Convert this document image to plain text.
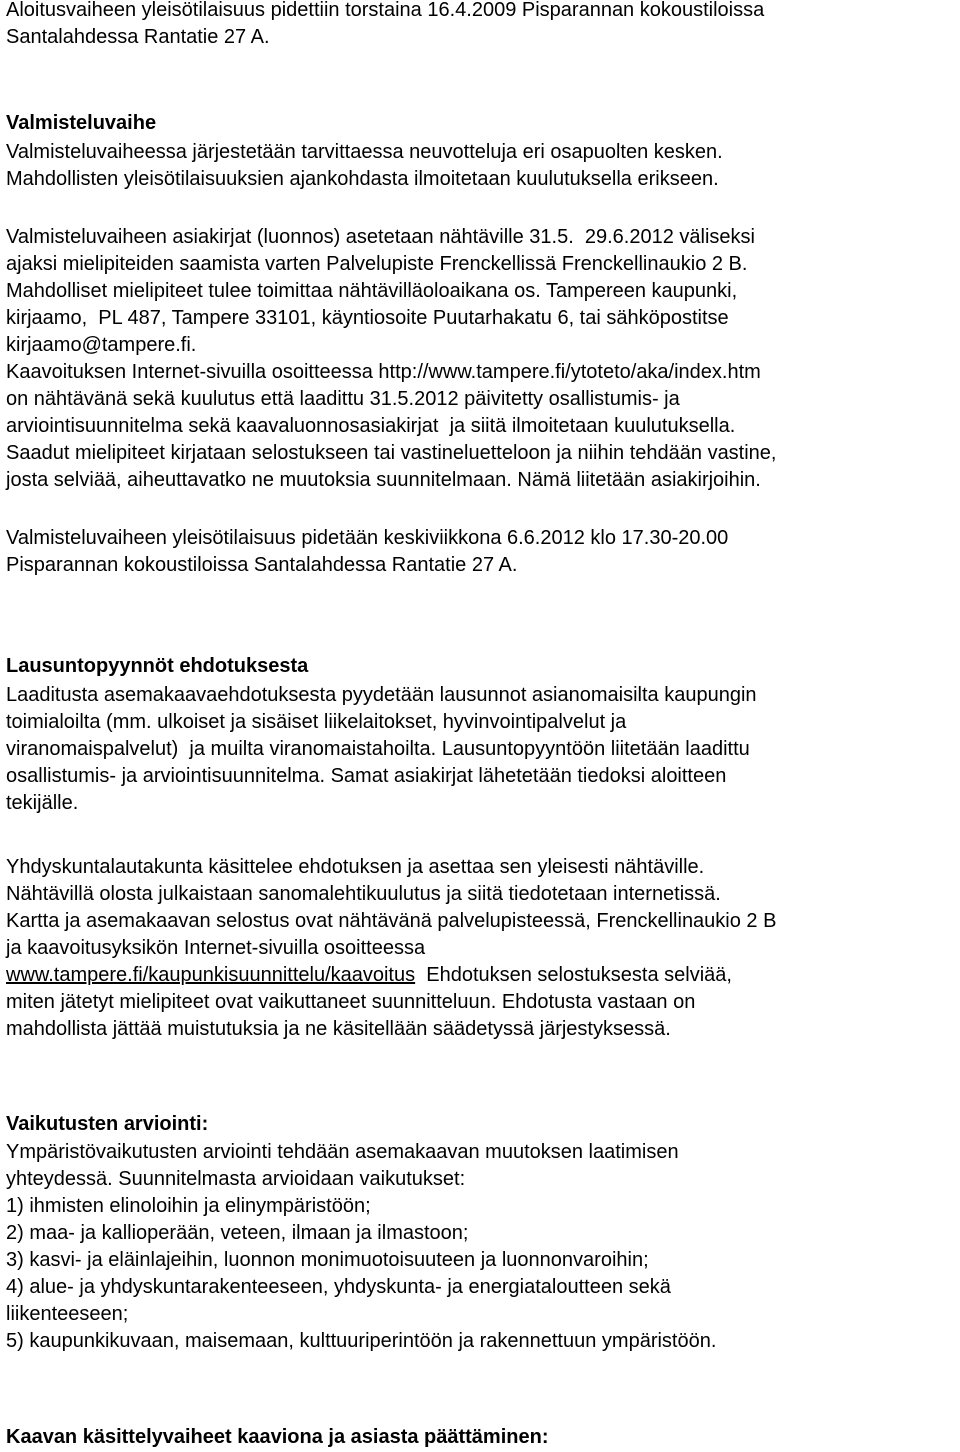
Aloitusvaiheen yleisötilaisuus pidettiin torstaina 16.4.2009 Pisparannan kokoustiloissa
Santalahdessa Rantatie 27 A.
Valmisteluvaihe
Valmisteluvaiheessa järjestetään tarvittaessa neuvotteluja eri osapuolten kesken.
Mahdollisten yleisötilaisuuksien ajankohdasta ilmoitetaan kuulutuksella erikseen.
Valmisteluvaiheen asiakirjat (luonnos) asetetaan nähtäville 31.5.  29.6.2012 väliseksi
ajaksi mielipiteiden saamista varten Palvelupiste Frenckellissä Frenckellinaukio 2 B.
Mahdolliset mielipiteet tulee toimittaa nähtävilläoloaikana os. Tampereen kaupunki,
kirjaamo,  PL 487, Tampere 33101, käyntiosoite Puutarhakatu 6, tai sähköpostitse
kirjaamo@tampere.fi.
Kaavoituksen Internet-sivuilla osoitteessa http://www.tampere.fi/ytoteto/aka/index.htm
on nähtävänä sekä kuulutus että laadittu 31.5.2012 päivitetty osallistumis- ja
arviointisuunnitelma sekä kaavaluonnosasiakirjat  ja siitä ilmoitetaan kuulutuksella.
Saadut mielipiteet kirjataan selostukseen tai vastineluetteloon ja niihin tehdään vastine,
josta selviää, aiheuttavatko ne muutoksia suunnitelmaan. Nämä liitetään asiakirjoihin.
Valmisteluvaiheen yleisötilaisuus pidetään keskiviikkona 6.6.2012 klo 17.30-20.00
Pisparannan kokoustiloissa Santalahdessa Rantatie 27 A.
Lausuntopyynnöt ehdotuksesta
Laaditusta asemakaavaehdotuksesta pyydetään lausunnot asianomaisilta kaupungin
toimialoilta (mm. ulkoiset ja sisäiset liikelaitokset, hyvinvointipalvelut ja
viranomaispalvelut)  ja muilta viranomaistahoilta. Lausuntopyyntöön liitetään laadittu
osallistumis- ja arviointisuunnitelma. Samat asiakirjat lähetetään tiedoksi aloitteen
tekijälle.
Yhdyskuntalautakunta käsittelee ehdotuksen ja asettaa sen yleisesti nähtäville.
Nähtävillä olosta julkaistaan sanomalehtikuulutus ja siitä tiedotetaan internetissä.
Kartta ja asemakaavan selostus ovat nähtävänä palvelupisteessä, Frenckellinaukio 2 B
ja kaavoitusyksikön Internet-sivuilla osoitteessa
www.tampere.fi/kaupunkisuunnittelu/kaavoitus  Ehdotuksen selostuksesta selviää,
miten jätetyt mielipiteet ovat vaikuttaneet suunnitteluun. Ehdotusta vastaan on
mahdollista jättää muistutuksia ja ne käsitellään säädetyssä järjestyksessä.
Vaikutusten arviointi:
Ympäristövaikutusten arviointi tehdään asemakaavan muutoksen laatimisen
yhteydessä. Suunnitelmasta arvioidaan vaikutukset:
1) ihmisten elinoloihin ja elinympäristöön;
2) maa- ja kallioperään, veteen, ilmaan ja ilmastoon;
3) kasvi- ja eläinlajeihin, luonnon monimuotoisuuteen ja luonnonvaroihin;
4) alue- ja yhdyskuntarakenteeseen, yhdyskunta- ja energiataloutteen sekä
liikenteeseen;
5) kaupunkikuvaan, maisemaan, kulttuuriperintöön ja rakennettuun ympäristöön.
Kaavan käsittelyvaiheet kaaviona ja asiasta päättäminen:
